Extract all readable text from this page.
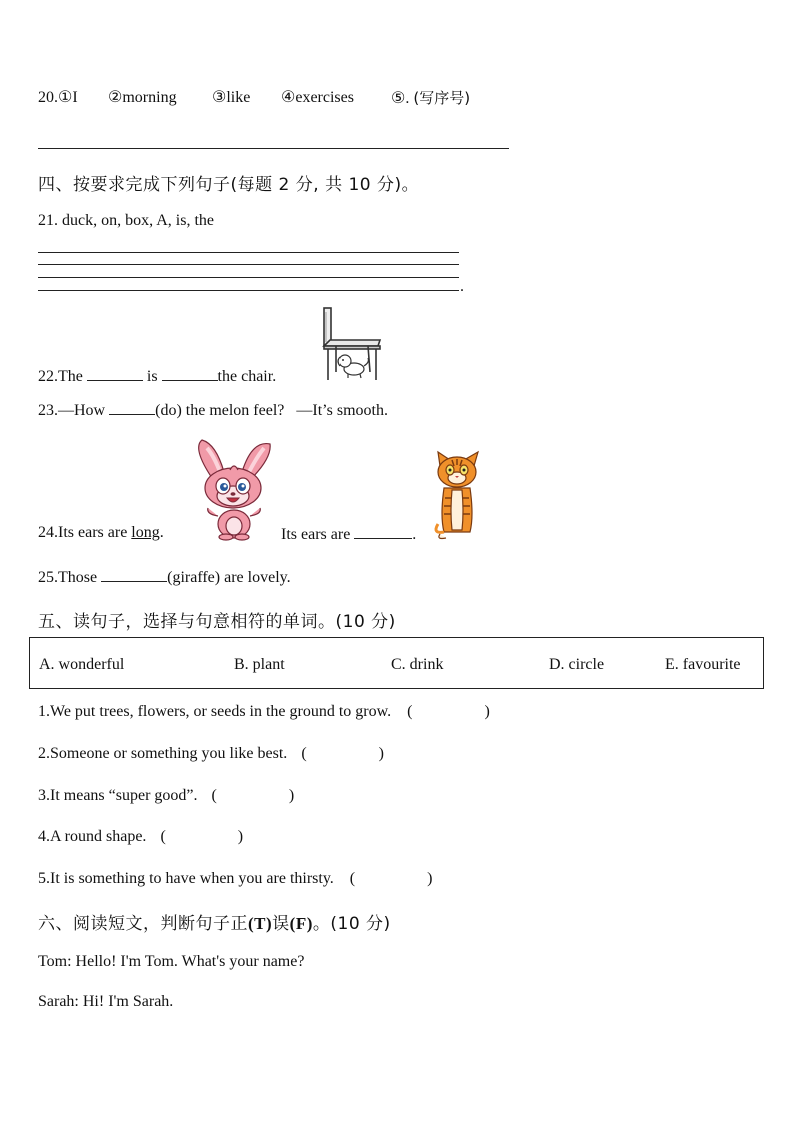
20.①I ②morning ③like ④exercises ⑤. (写序号)
四、按要求完成下列句子(每题 2 分, 共 10 分)。
21. duck, on, box, A, is, the
.
22.The	is	the chair.
23.—How	(do) the melon feel? —It’s smooth.
24.Its ears are long.	Its ears are	.
25.Those	(giraffe) are lovely.
五、读句子，选择与句意相符的单词。(10 分)
A. wonderful	B. plant	C. drink	D. circle	E. favourite
1.We put trees, flowers, or seeds in the ground to grow. (	)
2.Someone or something you like best. (	)
3.It means “super good”. (	)
4.A round shape. (	)
5.It is something to have when you are thirsty. (	)
六、阅读短文，判断句子正(T)误(F)。(10 分)
Tom: Hello! I'm Tom. What's your name?
Sarah: Hi! I'm Sarah.
